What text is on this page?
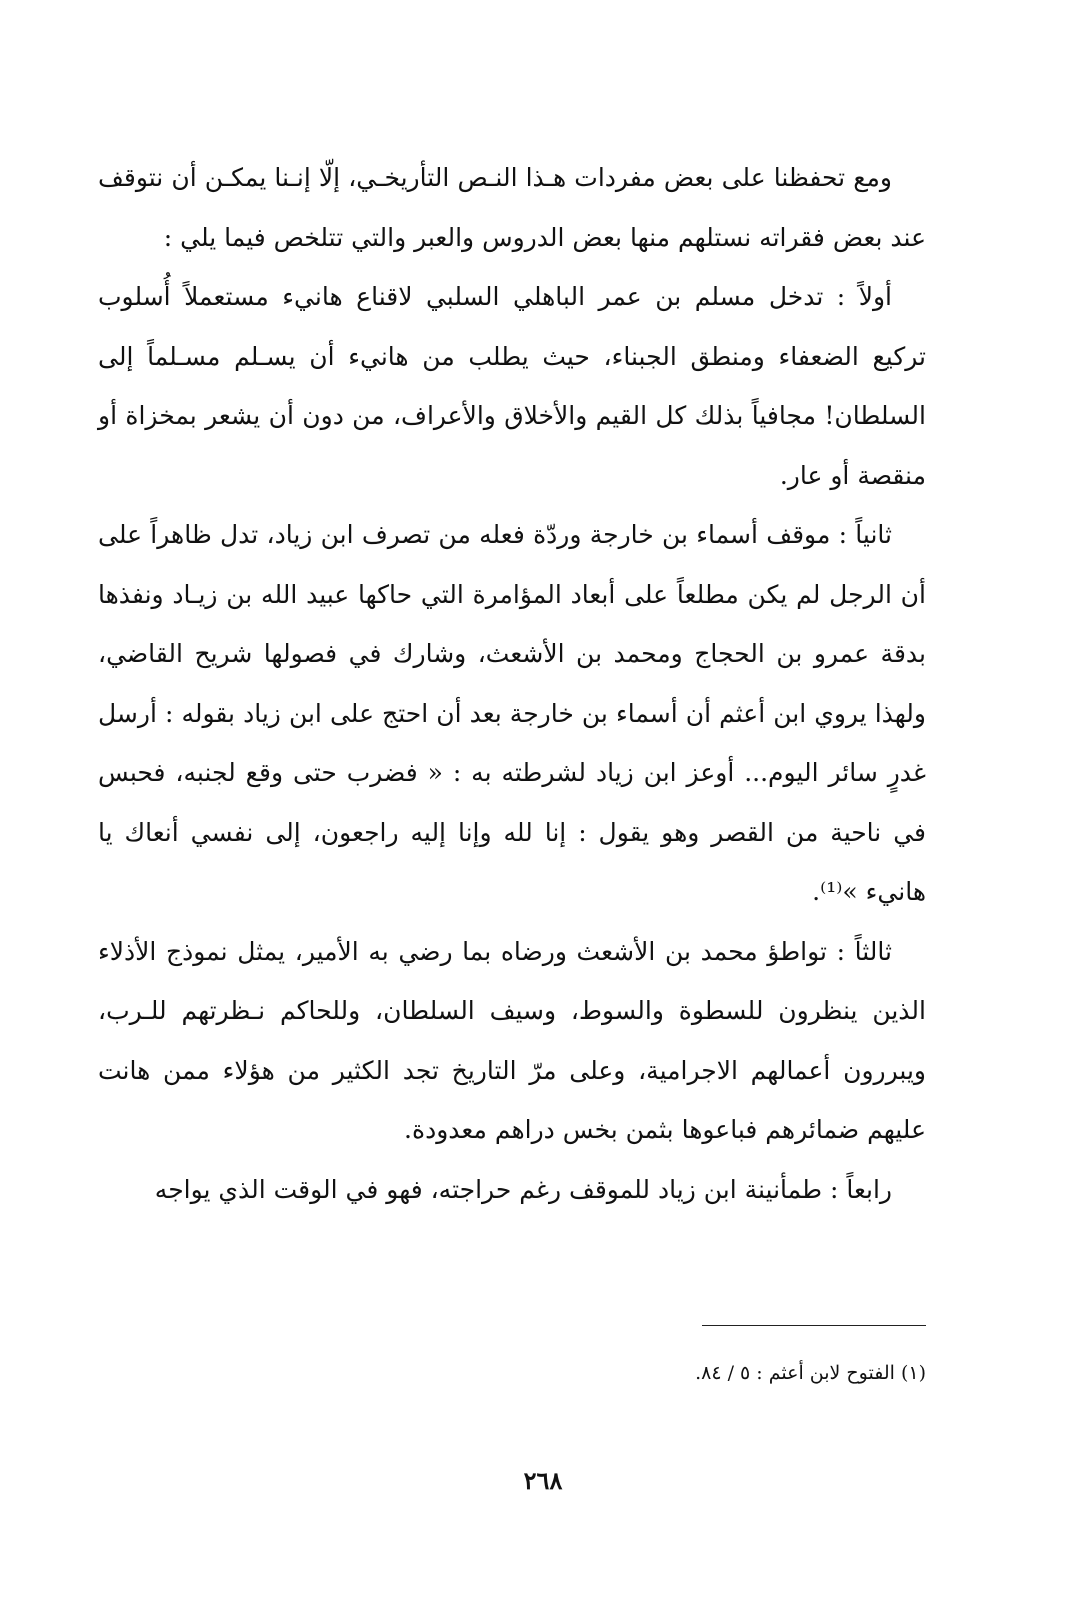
ومع تحفظنا على بعض مفردات هـذا النـص التأريخـي، إلّا إنـنا يمكـن أن نتوقف عند بعض فقراته نستلهم منها بعض الدروس والعبر والتي تتلخص فيما يلي :

أولاً : تدخل مسلم بن عمر الباهلي السلبي لاقناع هانيء مستعملاً أُسلوب تركيع الضعفاء ومنطق الجبناء، حيث يطلب من هانيء أن يسـلم مسـلماً إلى السلطان! مجافياً بذلك كل القيم والأخلاق والأعراف، من دون أن يشعر بمخزاة أو منقصة أو عار.

ثانياً : موقف أسماء بن خارجة وردّة فعله من تصرف ابن زياد، تدل ظاهراً على أن الرجل لم يكن مطلعاً على أبعاد المؤامرة التي حاكها عبيد الله بن زيـاد ونفذها بدقة عمرو بن الحجاج ومحمد بن الأشعث، وشارك في فصولها شريح القاضي، ولهذا يروي ابن أعثم أن أسماء بن خارجة بعد أن احتج على ابن زياد بقوله : أرسل غدرٍ سائر اليوم... أوعز ابن زياد لشرطته به : « فضرب حتى وقع لجنبه، فحبس في ناحية من القصر وهو يقول : إنا لله وإنا إليه راجعون، إلى نفسي أنعاك يا هانيء »⁽¹⁾.

ثالثاً : تواطؤ محمد بن الأشعث ورضاه بما رضي به الأمير، يمثل نموذج الأذلاء الذين ينظرون للسطوة والسوط، وسيف السلطان، وللحاكم نـظرتهم للـرب، ويبررون أعمالهم الاجرامية، وعلى مرّ التاريخ تجد الكثير من هؤلاء ممن هانت عليهم ضمائرهم فباعوها بثمن بخس دراهم معدودة.

رابعاً : طمأنينة ابن زياد للموقف رغم حراجته، فهو في الوقت الذي يواجه

(١) الفتوح لابن أعثم : ٥ / ٨٤.
٢٦٨
